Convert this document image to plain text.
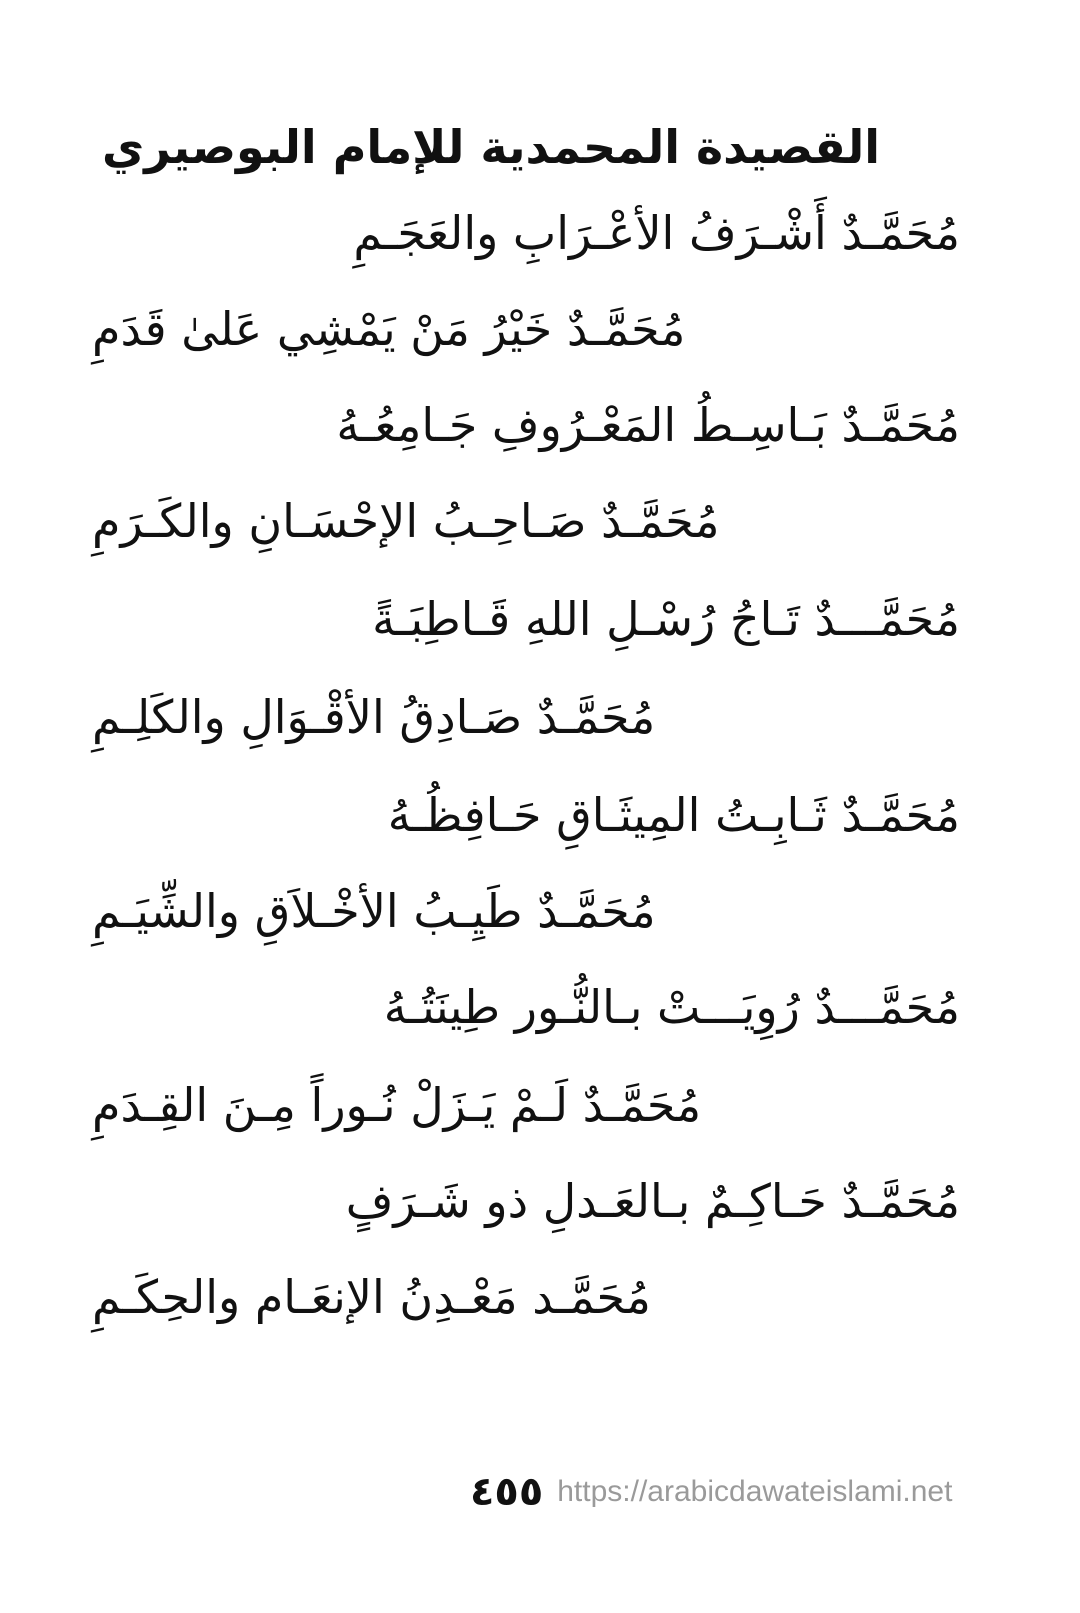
القصيدة المحمدية للإمام البوصيري
مُحَمَّـدٌ أَشْـرَفُ الأعْـرَابِ والعَجَـمِ
مُحَمَّـدٌ خَيْرُ مَنْ يَمْشِي عَلىٰ قَدَمِ
مُحَمَّـدٌ بَـاسِـطُ المَعْـرُوفِ جَـامِعُـهُ
مُحَمَّـدٌ صَـاحِـبُ الإحْسَـانِ والكَـرَمِ
مُحَمَّـــدٌ تَـاجُ رُسْـلِ اللهِ قَـاطِبَـةً
مُحَمَّـدٌ صَـادِقُ الأقْـوَالِ والكَلِـمِ
مُحَمَّـدٌ ثَـابِـتُ المِيثَـاقِ حَـافِظُـهُ
مُحَمَّـدٌ طَيِـبُ الأخْـلاَقِ والشِّيَـمِ
مُحَمَّـــدٌ رُوِيَـــتْ بـالنُّـور طِينَتُـهُ
مُحَمَّـدٌ لَـمْ يَـزَلْ نُـوراً مِـنَ القِـدَمِ
مُحَمَّـدٌ حَـاكِـمٌ بـالعَـدلِ ذو شَـرَفٍ
مُحَمَّـد مَعْـدِنُ الإنعَـام والحِكَـمِ
٤٥٥ https://arabicdawateislami.net
